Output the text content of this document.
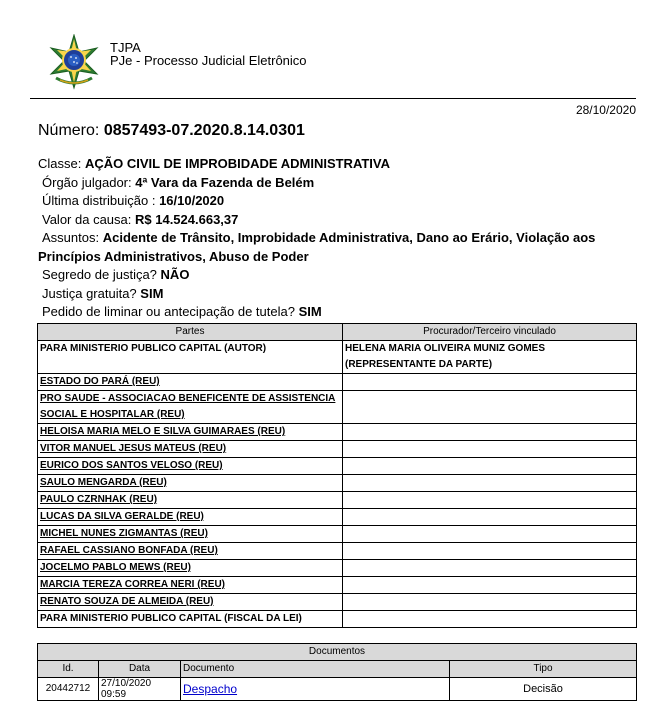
TJPA
PJe - Processo Judicial Eletrônico
28/10/2020
Número: 0857493-07.2020.8.14.0301
Classe: AÇÃO CIVIL DE IMPROBIDADE ADMINISTRATIVA
Órgão julgador: 4ª Vara da Fazenda de Belém
Última distribuição : 16/10/2020
Valor da causa: R$ 14.524.663,37
Assuntos: Acidente de Trânsito, Improbidade Administrativa, Dano ao Erário, Violação aos
Princípios Administrativos, Abuso de Poder
Segredo de justiça? NÃO
Justiça gratuita? SIM
Pedido de liminar ou antecipação de tutela? SIM
Partes	Procurador/Terceiro vinculado
PARA MINISTERIO PUBLICO CAPITAL (AUTOR)	HELENA MARIA OLIVEIRA MUNIZ GOMES (REPRESENTANTE DA PARTE)
ESTADO DO PARÁ (REU)	
PRO SAUDE - ASSOCIACAO BENEFICENTE DE ASSISTENCIA SOCIAL E HOSPITALAR (REU)	
HELOISA MARIA MELO E SILVA GUIMARAES (REU)	
VITOR MANUEL JESUS MATEUS (REU)	
EURICO DOS SANTOS VELOSO (REU)	
SAULO MENGARDA (REU)	
PAULO CZRNHAK (REU)	
LUCAS DA SILVA GERALDE (REU)	
MICHEL NUNES ZIGMANTAS (REU)	
RAFAEL CASSIANO BONFADA (REU)	
JOCELMO PABLO MEWS (REU)	
MARCIA TEREZA CORREA NERI (REU)	
RENATO SOUZA DE ALMEIDA (REU)	
PARA MINISTERIO PUBLICO CAPITAL (FISCAL DA LEI)	
Documentos			
Id.	Data	Documento	Tipo
20442712	27/10/2020
09:59	Despacho	Decisão
